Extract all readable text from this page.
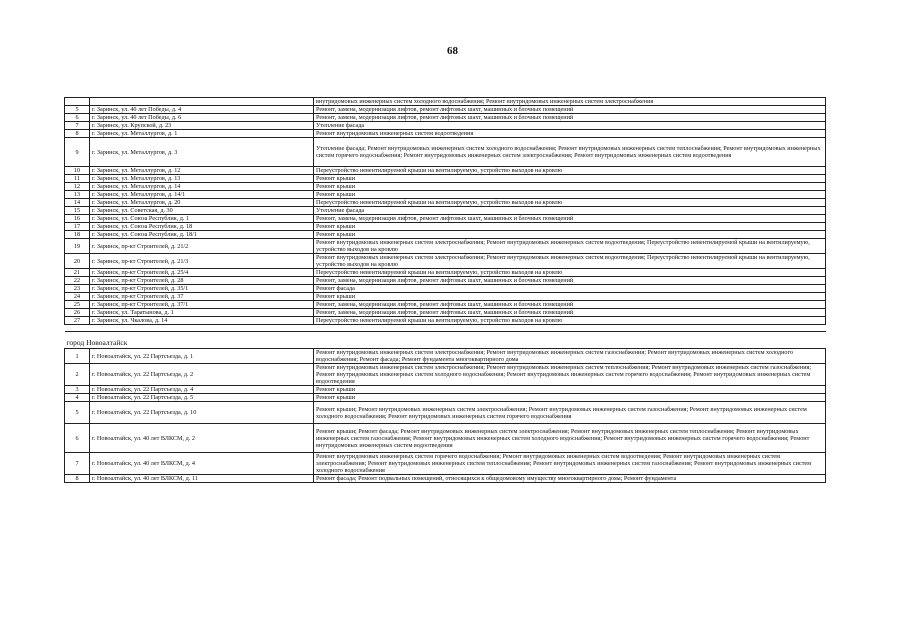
68
		внутридомовых инженерных систем холодного водоснабжения; Ремонт внутридомовых инженерных систем электроснабжения
5	г. Заринск, ул. 40 лет Победы, д. 4	Ремонт, замена, модернизация лифтов, ремонт лифтовых шахт, машинных и блочных помещений
6	г. Заринск, ул. 40 лет Победы, д. 6	Ремонт, замена, модернизация лифтов, ремонт лифтовых шахт, машинных и блочных помещений
7	г. Заринск, ул. Крупской, д. 23	Утепление фасада
8	г. Заринск, ул. Металлургов, д. 1	Ремонт внутридомовых инженерных систем водоотведения
9	г. Заринск, ул. Металлургов, д. 3	Утепление фасада; Ремонт внутридомовых инженерных систем холодного водоснабжения; Ремонт внутридомовых инженерных систем теплоснабжения; Ремонт внутридомовых инженерных систем горячего водоснабжения; Ремонт внутридомовых инженерных систем электроснабжения; Ремонт внутридомовых инженерных систем водоотведения
10	г. Заринск, ул. Металлургов, д. 12	Переустройство невентилируемой крыши на вентилируемую, устройство выходов на кровлю
11	г. Заринск, ул. Металлургов, д. 13	Ремонт крыши
12	г. Заринск, ул. Металлургов, д. 14	Ремонт крыши
13	г. Заринск, ул. Металлургов, д. 14/1	Ремонт крыши
14	г. Заринск, ул. Металлургов, д. 20	Переустройство невентилируемой крыши на вентилируемую, устройство выходов на кровлю
15	г. Заринск, ул. Советская, д. 30	Утепление фасада
16	г. Заринск, ул. Союза Республик, д. 1	Ремонт, замена, модернизация лифтов, ремонт лифтовых шахт, машинных и блочных помещений
17	г. Заринск, ул. Союза Республик, д. 18	Ремонт крыши
18	г. Заринск, ул. Союза Республик, д. 18/1	Ремонт крыши
19	г. Заринск, пр-кт Строителей, д. 21/2	Ремонт внутридомовых инженерных систем электроснабжения; Ремонт внутридомовых инженерных систем водоотведения; Переустройство невентилируемой крыши на вентилируемую, устройство выходов на кровлю
20	г. Заринск, пр-кт Строителей, д. 21/3	Ремонт внутридомовых инженерных систем электроснабжения; Ремонт внутридомовых инженерных систем водоотведения; Переустройство невентилируемой крыши на вентилируемую, устройство выходов на кровлю
21	г. Заринск, пр-кт Строителей, д. 25/4	Переустройство невентилируемой крыши на вентилируемую, устройство выходов на кровлю
22	г. Заринск, пр-кт Строителей, д. 28	Ремонт, замена, модернизация лифтов, ремонт лифтовых шахт, машинных и блочных помещений
23	г. Заринск, пр-кт Строителей, д. 35/1	Ремонт фасада
24	г. Заринск, пр-кт Строителей, д. 37	Ремонт крыши
25	г. Заринск, пр-кт Строителей, д. 37/1	Ремонт, замена, модернизация лифтов, ремонт лифтовых шахт, машинных и блочных помещений
26	г. Заринск, ул. Таратынова, д. 1	Ремонт, замена, модернизация лифтов, ремонт лифтовых шахт, машинных и блочных помещений
27	г. Заринск, ул. Чкалова, д. 14	Переустройство невентилируемой крыши на вентилируемую, устройство выходов на кровлю

город Новоалтайск		
1	г. Новоалтайск, ул. 22 Партсъезда, д. 1	Ремонт внутридомовых инженерных систем электроснабжения; Ремонт внутридомовых инженерных систем газоснабжения; Ремонт внутридомовых инженерных систем холодного водоснабжения; Ремонт фасада; Ремонт фундамента многоквартирного дома
2	г. Новоалтайск, ул. 22 Партсъезда, д. 2	Ремонт внутридомовых инженерных систем электроснабжения; Ремонт внутридомовых инженерных систем теплоснабжения; Ремонт внутридомовых инженерных систем газоснабжения; Ремонт внутридомовых инженерных систем холодного водоснабжения; Ремонт внутридомовых инженерных систем горячего водоснабжения; Ремонт внутридомовых инженерных систем водоотведения
3	г. Новоалтайск, ул. 22 Партсъезда, д. 4	Ремонт крыши
4	г. Новоалтайск, ул. 22 Партсъезда, д. 5	Ремонт крыши
5	г. Новоалтайск, ул. 22 Партсъезда, д. 10	Ремонт крыши; Ремонт внутридомовых инженерных систем электроснабжения; Ремонт внутридомовых инженерных систем газоснабжения; Ремонт внутридомовых инженерных систем холодного водоснабжения; Ремонт внутридомовых инженерных систем горячего водоснабжения
6	г. Новоалтайск, ул. 40 лет ВЛКСМ, д. 2	Ремонт крыши; Ремонт фасада; Ремонт внутридомовых инженерных систем электроснабжения; Ремонт внутридомовых инженерных систем теплоснабжения; Ремонт внутридомовых инженерных систем газоснабжения; Ремонт внутридомовых инженерных систем холодного водоснабжения; Ремонт внутридомовых инженерных систем горячего водоснабжения; Ремонт внутридомовых инженерных систем водоотведения
7	г. Новоалтайск, ул. 40 лет ВЛКСМ, д. 4	Ремонт внутридомовых инженерных систем горячего водоснабжения; Ремонт внутридомовых инженерных систем водоотведения; Ремонт внутридомовых инженерных систем электроснабжения; Ремонт внутридомовых инженерных систем теплоснабжения; Ремонт внутридомовых инженерных систем газоснабжения; Ремонт внутридомовых инженерных систем холодного водоснабжения
8	г. Новоалтайск, ул. 40 лет ВЛКСМ, д. 11	Ремонт фасада; Ремонт подвальных помещений, относящихся к общедомовому имуществу многоквартирного дома; Ремонт фундамента
